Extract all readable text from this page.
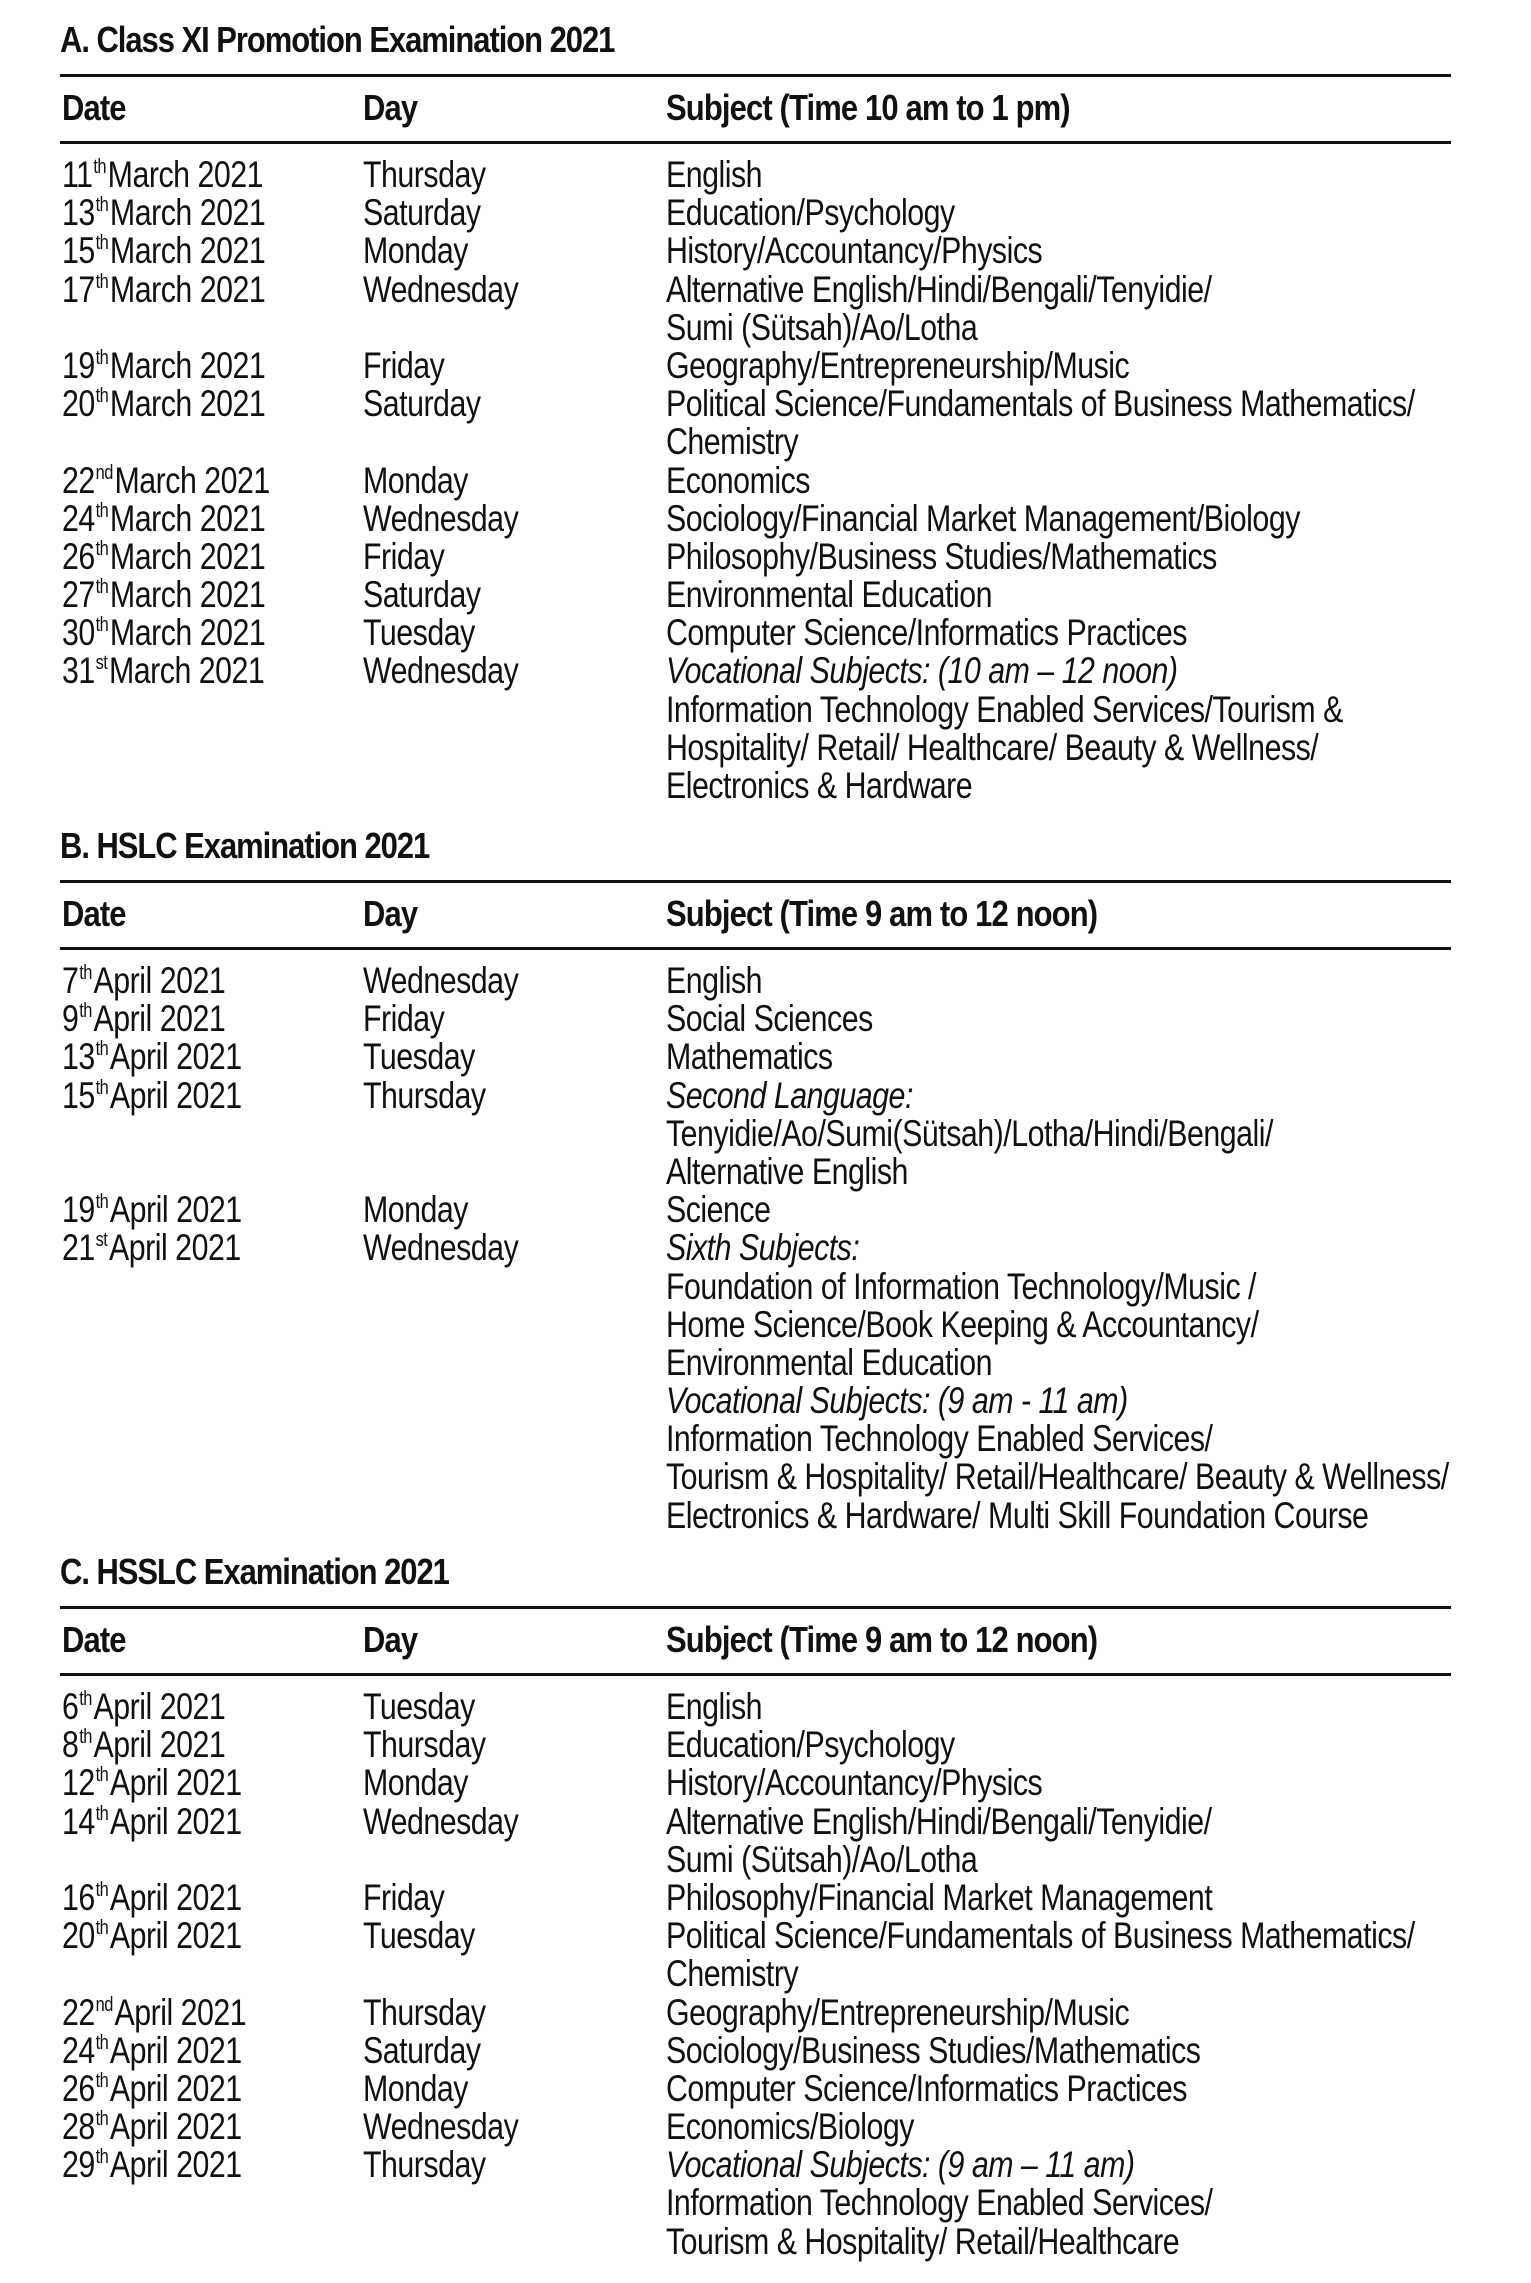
A. Class XI Promotion Examination 2021
Date	Day	Subject (Time 10 am to 1 pm)
11thMarch 2021	Thursday	English
13thMarch 2021	Saturday	Education/Psychology
15thMarch 2021	Monday	History/Accountancy/Physics
17thMarch 2021	Wednesday	Alternative English/Hindi/Bengali/Tenyidie/
Sumi (Sütsah)/Ao/Lotha
19thMarch 2021	Friday	Geography/Entrepreneurship/Music
20thMarch 2021	Saturday	Political Science/Fundamentals of Business Mathematics/
Chemistry
22ndMarch 2021	Monday	Economics
24thMarch 2021	Wednesday	Sociology/Financial Market Management/Biology
26thMarch 2021	Friday	Philosophy/Business Studies/Mathematics
27thMarch 2021	Saturday	Environmental Education
30thMarch 2021	Tuesday	Computer Science/Informatics Practices
31stMarch 2021	Wednesday	Vocational Subjects: (10 am – 12 noon)
Information Technology Enabled Services/Tourism &
Hospitality/ Retail/ Healthcare/ Beauty & Wellness/
Electronics & Hardware
B. HSLC Examination 2021
Date	Day	Subject (Time 9 am to 12 noon)
7thApril 2021	Wednesday	English
9thApril 2021	Friday	Social Sciences
13thApril 2021	Tuesday	Mathematics
15thApril 2021	Thursday	Second Language:
Tenyidie/Ao/Sumi(Sütsah)/Lotha/Hindi/Bengali/
Alternative English
19thApril 2021	Monday	Science
21stApril 2021	Wednesday	Sixth Subjects:
Foundation of Information Technology/Music /
Home Science/Book Keeping & Accountancy/
Environmental Education
Vocational Subjects: (9 am - 11 am)
Information Technology Enabled Services/
Tourism & Hospitality/ Retail/Healthcare/ Beauty & Wellness/
Electronics & Hardware/ Multi Skill Foundation Course
C. HSSLC Examination 2021
Date	Day	Subject (Time 9 am to 12 noon)
6thApril 2021	Tuesday	English
8thApril 2021	Thursday	Education/Psychology
12thApril 2021	Monday	History/Accountancy/Physics
14thApril 2021	Wednesday	Alternative English/Hindi/Bengali/Tenyidie/
Sumi (Sütsah)/Ao/Lotha
16thApril 2021	Friday	Philosophy/Financial Market Management
20thApril 2021	Tuesday	Political Science/Fundamentals of Business Mathematics/
Chemistry
22ndApril 2021	Thursday	Geography/Entrepreneurship/Music
24thApril 2021	Saturday	Sociology/Business Studies/Mathematics
26thApril 2021	Monday	Computer Science/Informatics Practices
28thApril 2021	Wednesday	Economics/Biology
29thApril 2021	Thursday	Vocational Subjects: (9 am – 11 am)
Information Technology Enabled Services/
Tourism & Hospitality/ Retail/Healthcare
